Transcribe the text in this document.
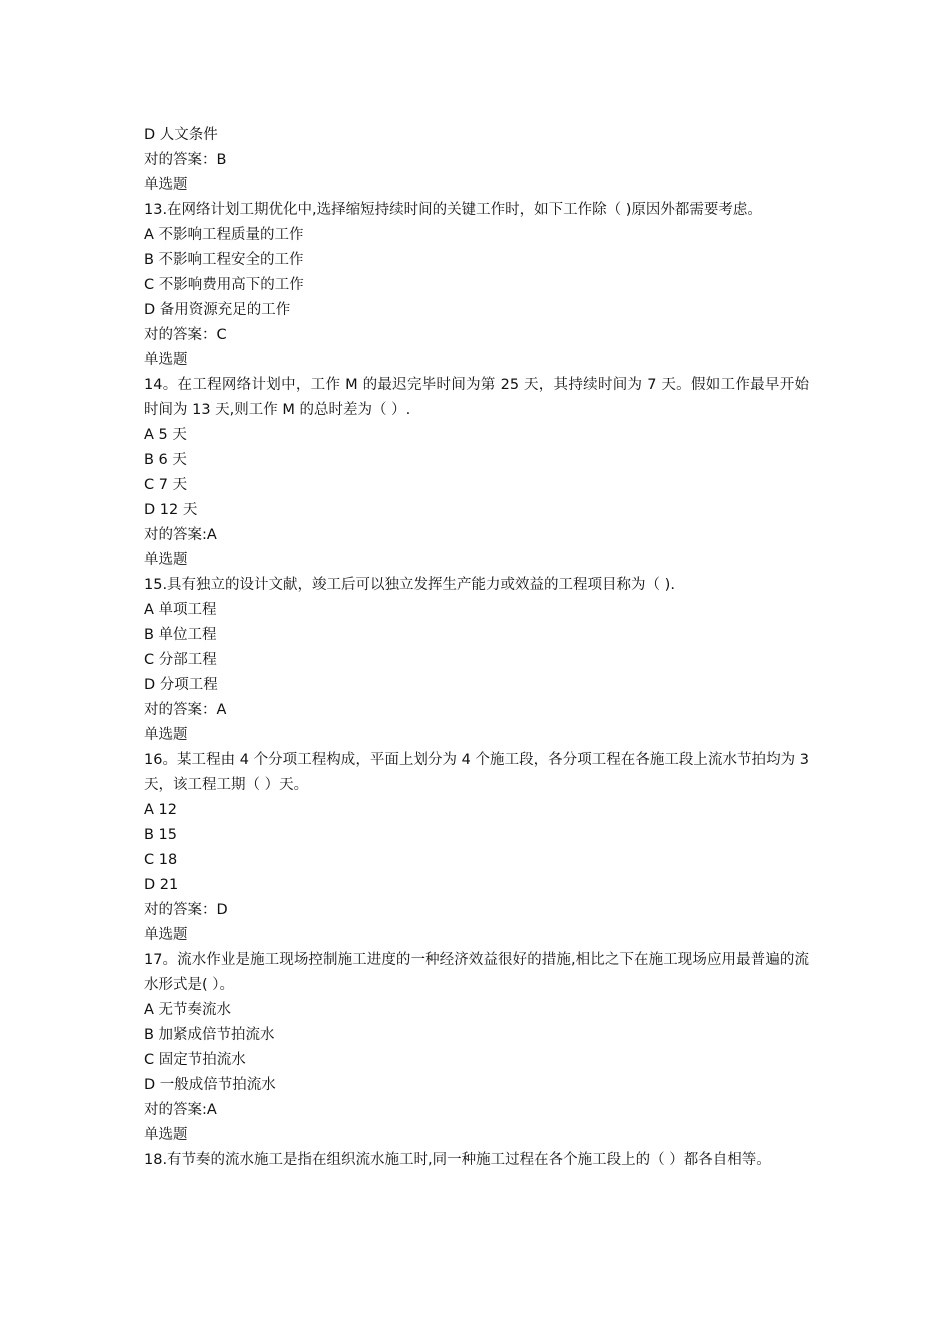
D 人文条件
对的答案：B
单选题
13.在网络计划工期优化中,选择缩短持续时间的关键工作时，如下工作除（ )原因外都需要考虑。
A 不影响工程质量的工作
B 不影响工程安全的工作
C 不影响费用高下的工作
D 备用资源充足的工作
对的答案：C
单选题
14。在工程网络计划中，工作 M 的最迟完毕时间为第 25 天，其持续时间为 7 天。假如工作最早开始时间为 13 天,则工作 M 的总时差为（ ）.
A 5 天
B 6 天
C 7 天
D 12 天
对的答案:A
单选题
15.具有独立的设计文献，竣工后可以独立发挥生产能力或效益的工程项目称为（ ).
A 单项工程
B 单位工程
C 分部工程
D 分项工程
对的答案：A
单选题
16。某工程由 4 个分项工程构成，平面上划分为 4 个施工段，各分项工程在各施工段上流水节拍均为 3 天，该工程工期（ ）天。
A 12
B 15
C 18
D 21
对的答案：D
单选题
17。流水作业是施工现场控制施工进度的一种经济效益很好的措施,相比之下在施工现场应用最普遍的流水形式是( ）。
A 无节奏流水
B 加紧成倍节拍流水
C 固定节拍流水
D 一般成倍节拍流水
对的答案:A
单选题
18.有节奏的流水施工是指在组织流水施工时,同一种施工过程在各个施工段上的（ ）都各自相等。
